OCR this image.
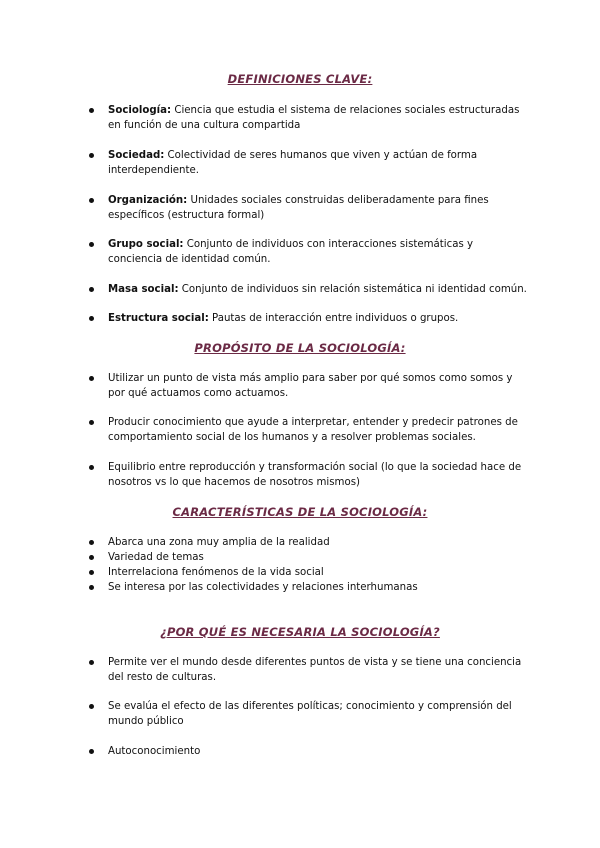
DEFINICIONES CLAVE:
Sociología: Ciencia que estudia el sistema de relaciones sociales estructuradas en función de una cultura compartida
Sociedad: Colectividad de seres humanos que viven y actúan de forma interdependiente.
Organización: Unidades sociales construidas deliberadamente para fines específicos (estructura formal)
Grupo social: Conjunto de individuos con interacciones sistemáticas y conciencia de identidad común.
Masa social: Conjunto de individuos sin relación sistemática ni identidad común.
Estructura social: Pautas de interacción entre individuos o grupos.
PROPÓSITO DE LA SOCIOLOGÍA:
Utilizar un punto de vista más amplio para saber por qué somos como somos y por qué actuamos como actuamos.
Producir conocimiento que ayude a interpretar, entender y predecir patrones de comportamiento social de los humanos y a resolver problemas sociales.
Equilibrio entre reproducción y transformación social (lo que la sociedad hace de nosotros vs lo que hacemos de nosotros mismos)
CARACTERÍSTICAS DE LA SOCIOLOGÍA:
Abarca una zona muy amplia de la realidad
Variedad de temas
Interrelaciona fenómenos de la vida social
Se interesa por las colectividades y relaciones interhumanas
¿POR QUÉ ES NECESARIA LA SOCIOLOGÍA?
Permite ver el mundo desde diferentes puntos de vista y se tiene una conciencia del resto de culturas.
Se evalúa el efecto de las diferentes políticas; conocimiento y comprensión del mundo público
Autoconocimiento
